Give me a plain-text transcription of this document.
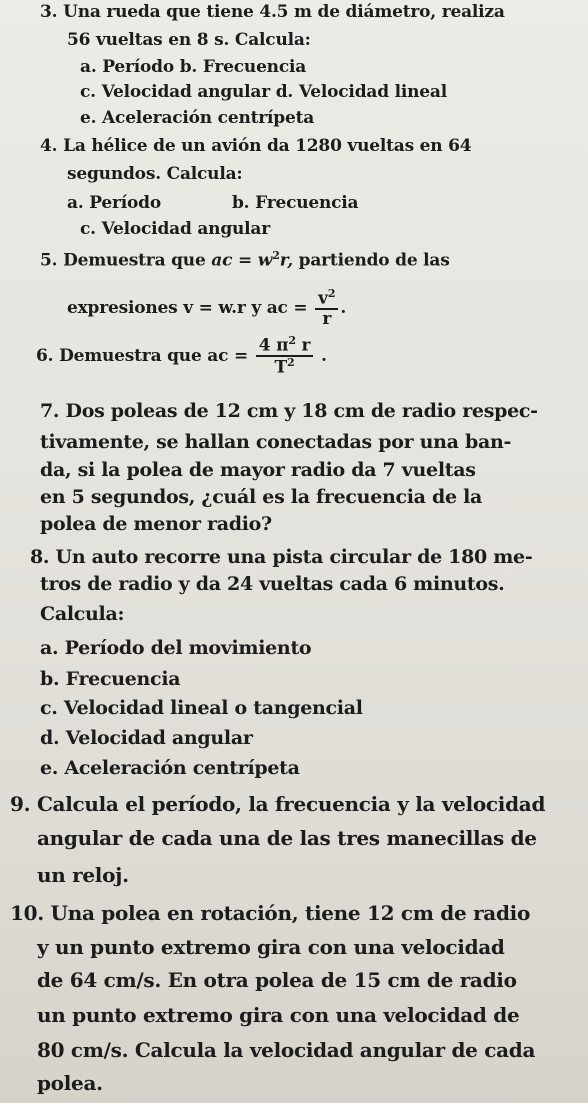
3. Una rueda que tiene 4.5 m de diámetro, realiza
56 vueltas en 8 s. Calcula:
a. Período b. Frecuencia
c. Velocidad angular d. Velocidad lineal
e. Aceleración centrípeta
4. La hélice de un avión da 1280 vueltas en 64
segundos. Calcula:
a. Período	b. Frecuencia
c. Velocidad angular
5. Demuestra que ac = $w^2r$, partiendo de las
expresiones v = w.r y ac = $\frac{v^2}{r}$ .
6. Demuestra que ac = $\frac{4 \pi^2 r}{T^2}$ .
7. Dos poleas de 12 cm y 18 cm de radio respec-
tivamente, se hallan conectadas por una ban-
da, si la polea de mayor radio da 7 vueltas
en 5 segundos, ¿cuál es la frecuencia de la
polea de menor radio?
8. Un auto recorre una pista circular de 180 me-
tros de radio y da 24 vueltas cada 6 minutos.
Calcula:
a. Período del movimiento
b. Frecuencia
c. Velocidad lineal o tangencial
d. Velocidad angular
e. Aceleración centrípeta
9. Calcula el período, la frecuencia y la velocidad
angular de cada una de las tres manecillas de
un reloj.
10. Una polea en rotación, tiene 12 cm de radio
y un punto extremo gira con una velocidad
de 64 cm/s. En otra polea de 15 cm de radio
un punto extremo gira con una velocidad de
80 cm/s. Calcula la velocidad angular de cada
polea.
